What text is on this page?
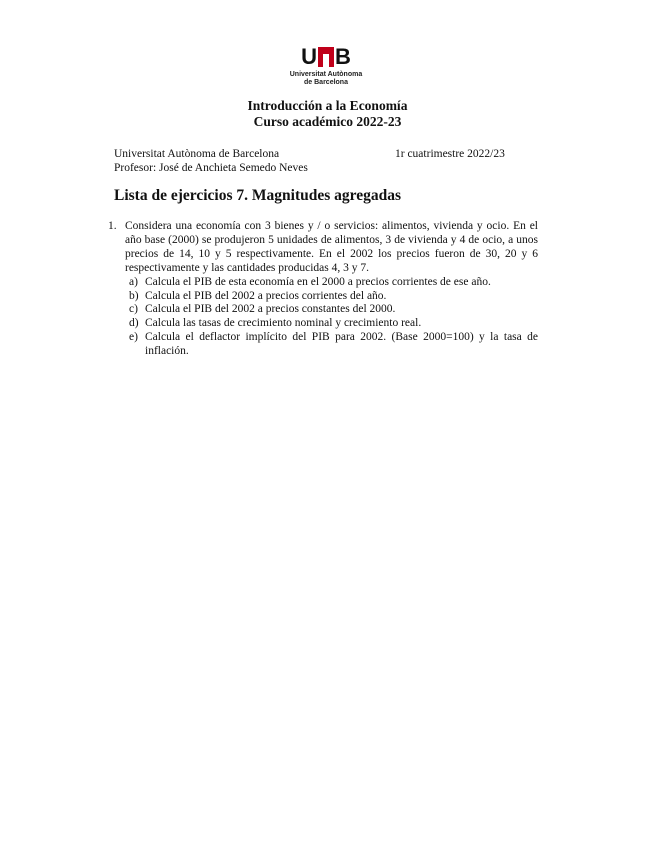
U B
Universitat Autònoma
de Barcelona
Introducción a la Economía
Curso académico 2022-23
Universitat Autònoma de Barcelona	1r cuatrimestre 2022/23
Profesor: José de Anchieta Semedo Neves
Lista de ejercicios 7. Magnitudes agregadas
1. Considera una economía con 3 bienes y / o servicios: alimentos, vivienda y ocio. En el año base (2000) se produjeron 5 unidades de alimentos, 3 de vivienda y 4 de ocio, a unos precios de 14, 10 y 5 respectivamente. En el 2002 los precios fueron de 30, 20 y 6 respectivamente y las cantidades producidas 4, 3 y 7.
a) Calcula el PIB de esta economía en el 2000 a precios corrientes de ese año.
b) Calcula el PIB del 2002 a precios corrientes del año.
c) Calcula el PIB del 2002 a precios constantes del 2000.
d) Calcula las tasas de crecimiento nominal y crecimiento real.
e) Calcula el deflactor implícito del PIB para 2002. (Base 2000=100) y la tasa de inflación.
